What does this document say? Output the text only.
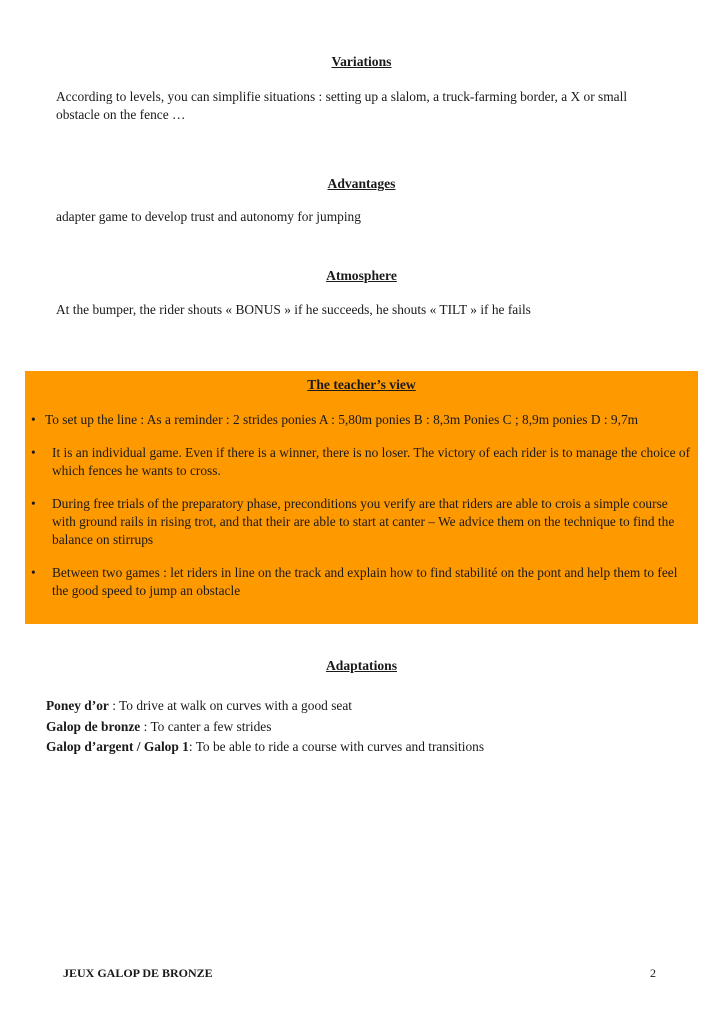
Variations
According to levels, you can simplifie situations : setting up a slalom, a truck-farming border, a X or small obstacle on the fence …
Advantages
adapter game to develop trust and autonomy for jumping
Atmosphere
At the bumper, the rider shouts « BONUS » if he succeeds, he shouts « TILT » if he fails
The teacher’s view
• To set up the line : As a reminder : 2 strides ponies A : 5,80m ponies B : 8,3m Ponies C ; 8,9m ponies D : 9,7m
• It is an individual game. Even if there is a winner, there is no loser. The victory of each rider is to manage the choice of which fences he wants to cross.
• During free trials of the preparatory phase, preconditions you verify are that riders are able to crois a simple course with ground rails in rising trot, and that their are able to start at canter – We advice them on the technique to find the balance on stirrups
• Between two games : let riders in line on the track and explain how to find stabilité on the pont and help them to feel the good speed to jump an obstacle
Adaptations
Poney d’or : To drive at walk on curves with a good seat
Galop de bronze : To canter a few strides
Galop d’argent / Galop 1: To be able to ride a course with curves and transitions
JEUX GALOP DE BRONZE	2
